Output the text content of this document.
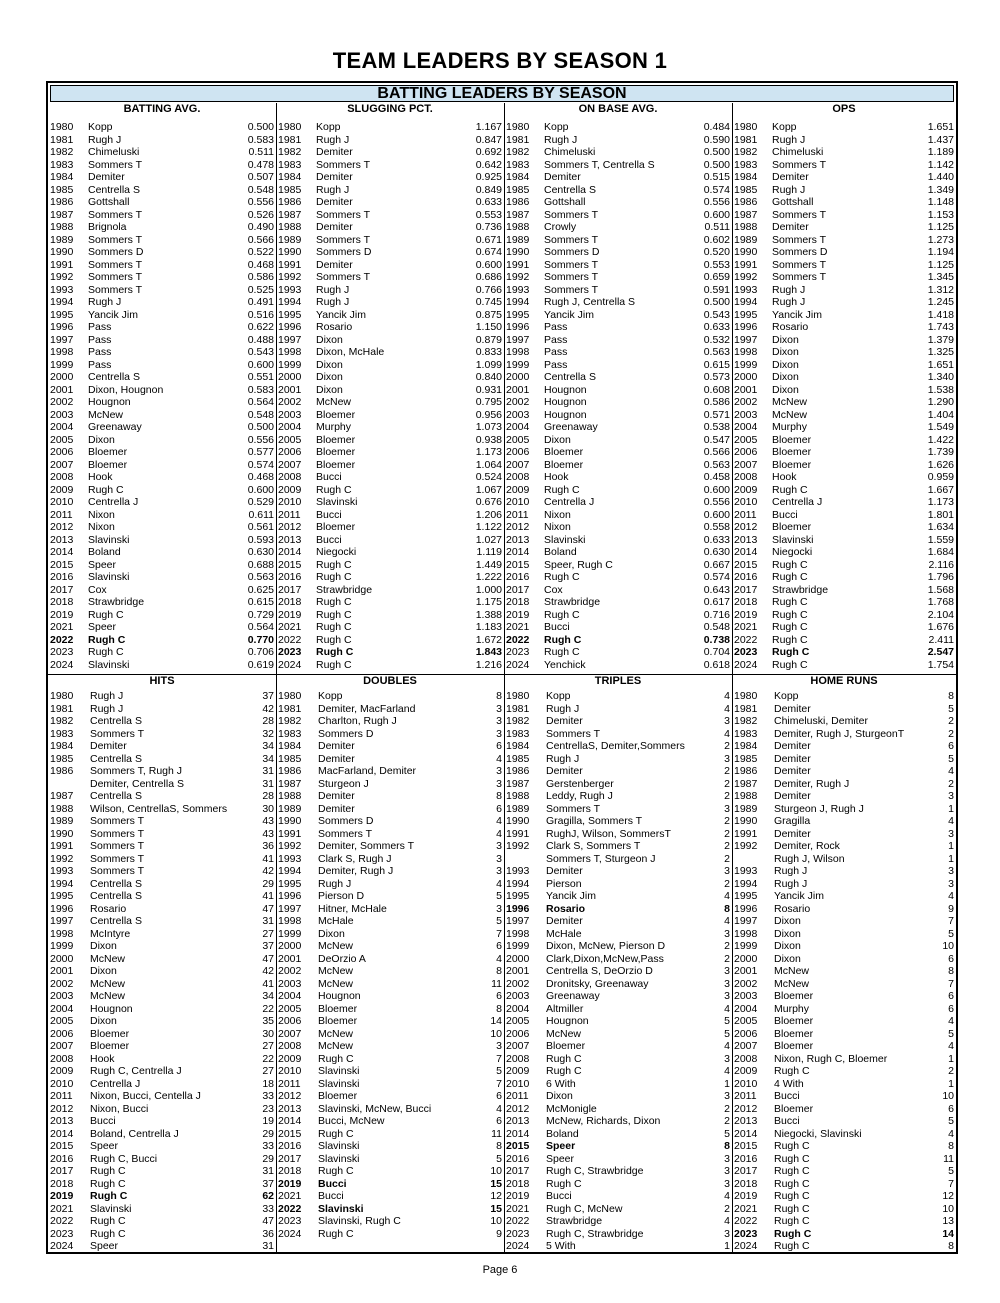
TEAM LEADERS BY SEASON 1
BATTING LEADERS BY SEASON
BATTING AVG.
1980 Kopp	0.500
1981 Rugh J	0.583
1982 Chimeluski	0.511
1983 Sommers T	0.478
1984 Demiter	0.507
1985 Centrella S	0.548
1986 Gottshall	0.556
1987 Sommers T	0.526
1988 Brignola	0.490
1989 Sommers T	0.566
1990 Sommers D	0.522
1991 Sommers T	0.468
1992 Sommers T	0.586
1993 Sommers T	0.525
1994 Rugh J	0.491
1995 Yancik Jim	0.516
1996 Pass	0.622
1997 Pass	0.488
1998 Pass	0.543
1999 Pass	0.600
2000 Centrella S	0.551
2001 Dixon, Hougnon	0.583
2002 Hougnon	0.564
2003 McNew	0.548
2004 Greenaway	0.500
2005 Dixon	0.556
2006 Bloemer	0.577
2007 Bloemer	0.574
2008 Hook	0.468
2009 Rugh C	0.600
2010 Centrella J	0.529
2011 Nixon	0.611
2012 Nixon	0.561
2013 Slavinski	0.593
2014 Boland	0.630
2015 Speer	0.688
2016 Slavinski	0.563
2017 Cox	0.625
2018 Strawbridge	0.615
2019 Rugh C	0.729
2021 Speer	0.564
2022 Rugh C	0.770
2023 Rugh C	0.706
2024 Slavinski	0.619
SLUGGING PCT.
1980 Kopp	1.167
1981 Rugh J	0.847
1982 Demiter	0.692
1983 Sommers T	0.642
1984 Demiter	0.925
1985 Rugh J	0.849
1986 Demiter	0.633
1987 Sommers T	0.553
1988 Demiter	0.736
1989 Sommers T	0.671
1990 Sommers D	0.674
1991 Demiter	0.600
1992 Sommers T	0.686
1993 Rugh J	0.766
1994 Rugh J	0.745
1995 Yancik Jim	0.875
1996 Rosario	1.150
1997 Dixon	0.879
1998 Dixon, McHale	0.833
1999 Dixon	1.099
2000 Dixon	0.840
2001 Dixon	0.931
2002 McNew	0.795
2003 Bloemer	0.956
2004 Murphy	1.073
2005 Bloemer	0.938
2006 Bloemer	1.173
2007 Bloemer	1.064
2008 Bucci	0.524
2009 Rugh C	1.067
2010 Slavinski	0.676
2011 Bucci	1.206
2012 Bloemer	1.122
2013 Bucci	1.027
2014 Niegocki	1.119
2015 Rugh C	1.449
2016 Rugh C	1.222
2017 Strawbridge	1.000
2018 Rugh C	1.175
2019 Rugh C	1.388
2021 Rugh C	1.183
2022 Rugh C	1.672
2023 Rugh C	1.843
2024 Rugh C	1.216
ON BASE AVG.
1980 Kopp	0.484
1981 Rugh J	0.590
1982 Chimeluski	0.500
1983 Sommers T, Centrella S	0.500
1984 Demiter	0.515
1985 Centrella S	0.574
1986 Gottshall	0.556
1987 Sommers T	0.600
1988 Crowly	0.511
1989 Sommers T	0.602
1990 Sommers D	0.520
1991 Sommers T	0.553
1992 Sommers T	0.659
1993 Sommers T	0.591
1994 Rugh J, Centrella S	0.500
1995 Yancik Jim	0.543
1996 Pass	0.633
1997 Pass	0.532
1998 Pass	0.563
1999 Pass	0.615
2000 Centrella S	0.573
2001 Hougnon	0.608
2002 Hougnon	0.586
2003 Hougnon	0.571
2004 Greenaway	0.538
2005 Dixon	0.547
2006 Bloemer	0.566
2007 Bloemer	0.563
2008 Hook	0.458
2009 Rugh C	0.600
2010 Centrella J	0.556
2011 Nixon	0.600
2012 Nixon	0.558
2013 Slavinski	0.633
2014 Boland	0.630
2015 Speer, Rugh C	0.667
2016 Rugh C	0.574
2017 Cox	0.643
2018 Strawbridge	0.617
2019 Rugh C	0.716
2021 Bucci	0.548
2022 Rugh C	0.738
2023 Rugh C	0.704
2024 Yenchick	0.618
OPS
1980 Kopp	1.651
1981 Rugh J	1.437
1982 Chimeluski	1.189
1983 Sommers T	1.142
1984 Demiter	1.440
1985 Rugh J	1.349
1986 Gottshall	1.148
1987 Sommers T	1.153
1988 Demiter	1.125
1989 Sommers T	1.273
1990 Sommers D	1.194
1991 Sommers T	1.125
1992 Sommers T	1.345
1993 Rugh J	1.312
1994 Rugh J	1.245
1995 Yancik Jim	1.418
1996 Rosario	1.743
1997 Dixon	1.379
1998 Dixon	1.325
1999 Dixon	1.651
2000 Dixon	1.340
2001 Dixon	1.538
2002 McNew	1.290
2003 McNew	1.404
2004 Murphy	1.549
2005 Bloemer	1.422
2006 Bloemer	1.739
2007 Bloemer	1.626
2008 Hook	0.959
2009 Rugh C	1.667
2010 Centrella J	1.173
2011 Bucci	1.801
2012 Bloemer	1.634
2013 Slavinski	1.559
2014 Niegocki	1.684
2015 Rugh C	2.116
2016 Rugh C	1.796
2017 Strawbridge	1.568
2018 Rugh C	1.768
2019 Rugh C	2.104
2021 Rugh C	1.676
2022 Rugh C	2.411
2023 Rugh C	2.547
2024 Rugh C	1.754
HITS
1980 Rugh J	37
1981 Rugh J	42
1982 Centrella S	28
1983 Sommers T	32
1984 Demiter	34
1985 Centrella S	34
1986 Sommers T, Rugh J	31
Demiter, Centrella S	31
1987 Centrella S	28
1988 Wilson, CentrellaS, Sommers	30
1989 Sommers T	43
1990 Sommers T	43
1991 Sommers T	36
1992 Sommers T	41
1993 Sommers T	42
1994 Centrella S	29
1995 Centrella S	41
1996 Rosario	47
1997 Centrella S	31
1998 McIntyre	27
1999 Dixon	37
2000 McNew	47
2001 Dixon	42
2002 McNew	41
2003 McNew	34
2004 Hougnon	22
2005 Dixon	35
2006 Bloemer	30
2007 Bloemer	27
2008 Hook	22
2009 Rugh C, Centrella J	27
2010 Centrella J	18
2011 Nixon, Bucci, Centella J	33
2012 Nixon, Bucci	23
2013 Bucci	19
2014 Boland, Centrella J	29
2015 Speer	33
2016 Rugh C, Bucci	29
2017 Rugh C	31
2018 Rugh C	37
2019 Rugh C	62
2021 Slavinski	33
2022 Rugh C	47
2023 Rugh C	36
2024 Speer	31
DOUBLES
1980 Kopp	8
1981 Demiter, MacFarland	3
1982 Charlton, Rugh J	3
1983 Sommers D	3
1984 Demiter	6
1985 Demiter	4
1986 MacFarland, Demiter	3
1987 Sturgeon J	3
1988 Demiter	8
1989 Demiter	6
1990 Sommers D	4
1991 Sommers T	4
1992 Demiter, Sommers T	3
1993 Clark S, Rugh J	3
1994 Demiter, Rugh J	3
1995 Rugh J	4
1996 Pierson D	5
1997 Hitner, McHale	3
1998 McHale	5
1999 Dixon	7
2000 McNew	6
2001 DeOrzio A	4
2002 McNew	8
2003 McNew	11
2004 Hougnon	6
2005 Bloemer	8
2006 Bloemer	14
2007 McNew	10
2008 McNew	3
2009 Rugh C	7
2010 Slavinski	5
2011 Slavinski	7
2012 Bloemer	6
2013 Slavinski, McNew, Bucci	4
2014 Bucci, McNew	6
2015 Rugh C	11
2016 Slavinski	8
2017 Slavinski	5
2018 Rugh C	10
2019 Bucci	15
2021 Bucci	12
2022 Slavinski	15
2023 Slavinski, Rugh C	10
2024 Rugh C	9
TRIPLES
1980 Kopp	4
1981 Rugh J	4
1982 Demiter	3
1983 Sommers T	4
1984 CentrellaS, Demiter,Sommers	2
1985 Rugh J	3
1986 Demiter	2
1987 Gerstenberger	2
1988 Leddy, Rugh J	2
1989 Sommers T	3
1990 Gragilla, Sommers T	2
1991 RughJ, Wilson, SommersT	2
1992 Clark S, Sommers T	2
Sommers T, Sturgeon J	2
1993 Demiter	3
1994 Pierson	2
1995 Yancik Jim	4
1996 Rosario	8
1997 Demiter	4
1998 McHale	3
1999 Dixon, McNew, Pierson D	2
2000 Clark,Dixon,McNew,Pass	2
2001 Centrella S, DeOrzio D	3
2002 Dronitsky, Greenaway	3
2003 Greenaway	3
2004 Altmiller	4
2005 Hougnon	5
2006 McNew	5
2007 Bloemer	4
2008 Rugh C	3
2009 Rugh C	4
2010 6 With	1
2011 Dixon	3
2012 McMonigle	2
2013 McNew, Richards, Dixon	2
2014 Boland	5
2015 Speer	8
2016 Speer	3
2017 Rugh C, Strawbridge	3
2018 Rugh C	3
2019 Bucci	4
2021 Rugh C, McNew	2
2022 Strawbridge	4
2023 Rugh C, Strawbridge	3
2024 5 With	1
HOME RUNS
1980 Kopp	8
1981 Demiter	5
1982 Chimeluski, Demiter	2
1983 Demiter, Rugh J, SturgeonT	2
1984 Demiter	6
1985 Demiter	5
1986 Demiter	4
1987 Demiter, Rugh J	2
1988 Demiter	3
1989 Sturgeon J, Rugh J	1
1990 Gragilla	4
1991 Demiter	3
1992 Demiter, Rock	1
Rugh J, Wilson	1
1993 Rugh J	3
1994 Rugh J	3
1995 Yancik Jim	4
1996 Rosario	9
1997 Dixon	7
1998 Dixon	5
1999 Dixon	10
2000 Dixon	6
2001 McNew	8
2002 McNew	7
2003 Bloemer	6
2004 Murphy	6
2005 Bloemer	4
2006 Bloemer	5
2007 Bloemer	4
2008 Nixon, Rugh C, Bloemer	1
2009 Rugh C	2
2010 4 With	1
2011 Bucci	10
2012 Bloemer	6
2013 Bucci	5
2014 Niegocki, Slavinski	4
2015 Rugh C	8
2016 Rugh C	11
2017 Rugh C	5
2018 Rugh C	7
2019 Rugh C	12
2021 Rugh C	10
2022 Rugh C	13
2023 Rugh C	14
2024 Rugh C	8
Page 6
